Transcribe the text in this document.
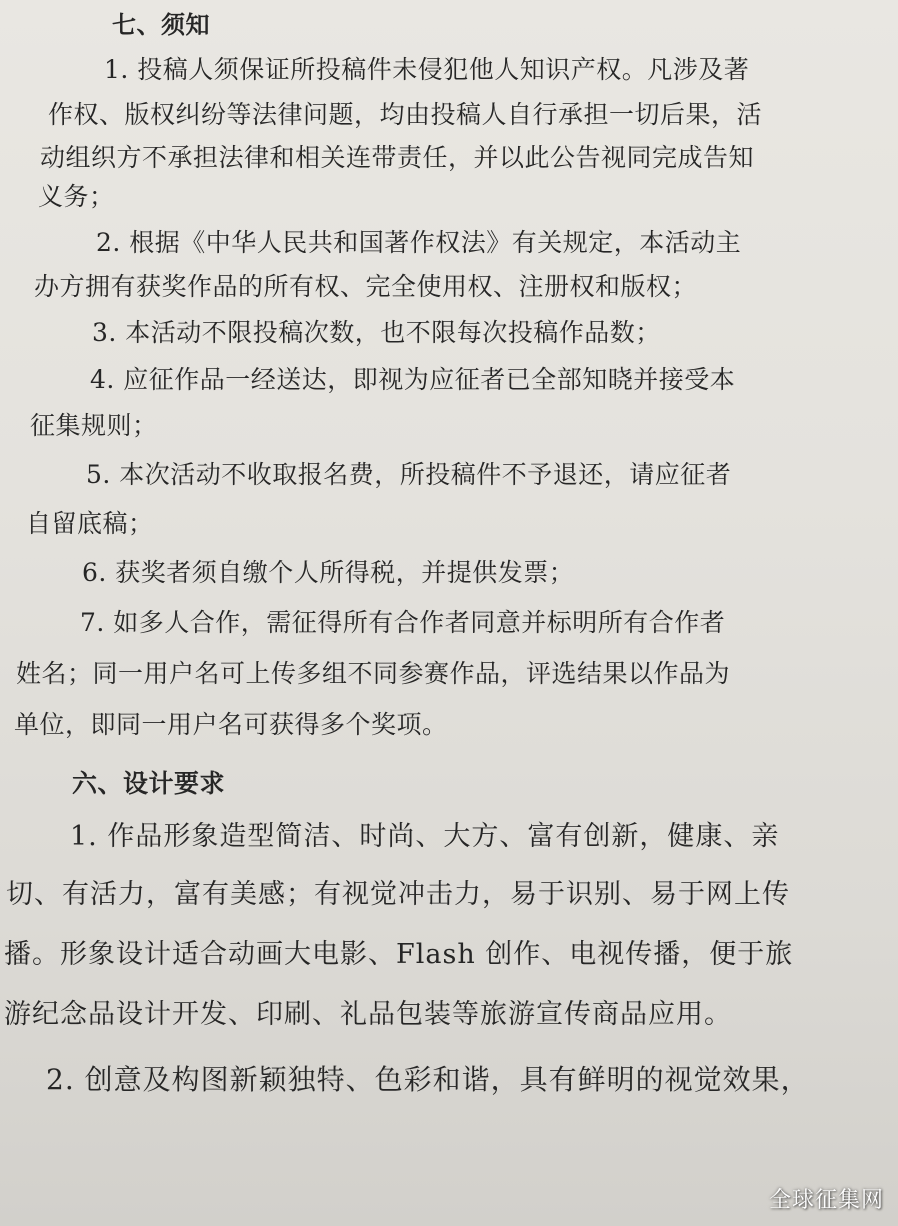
七、须知
1. 投稿人须保证所投稿件未侵犯他人知识产权。凡涉及著
作权、版权纠纷等法律问题，均由投稿人自行承担一切后果，活
动组织方不承担法律和相关连带责任，并以此公告视同完成告知
义务；
2. 根据《中华人民共和国著作权法》有关规定，本活动主
办方拥有获奖作品的所有权、完全使用权、注册权和版权；
3. 本活动不限投稿次数，也不限每次投稿作品数；
4. 应征作品一经送达，即视为应征者已全部知晓并接受本
征集规则；
5. 本次活动不收取报名费，所投稿件不予退还，请应征者
自留底稿；
6. 获奖者须自缴个人所得税，并提供发票；
7. 如多人合作，需征得所有合作者同意并标明所有合作者
姓名；同一用户名可上传多组不同参赛作品，评选结果以作品为
单位，即同一用户名可获得多个奖项。
六、设计要求
1. 作品形象造型简洁、时尚、大方、富有创新，健康、亲
切、有活力，富有美感；有视觉冲击力，易于识别、易于网上传
播。形象设计适合动画大电影、Flash 创作、电视传播，便于旅
游纪念品设计开发、印刷、礼品包装等旅游宣传商品应用。
2. 创意及构图新颖独特、色彩和谐，具有鲜明的视觉效果，
全球征集网
